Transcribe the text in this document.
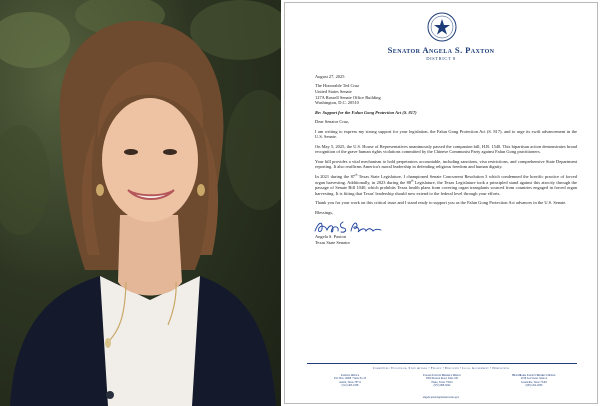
Senator Angela S. Paxton
DISTRICT 8

August 27, 2025

The Honorable Ted Cruz

United States Senate

127A Russell Senate Office Building

Washington, D.C. 20510

Re: Support for the Falun Gong Protection Act (S. 817)

Dear Senator Cruz,

I am writing to express my strong support for your legislation, the Falun Gong Protection Act (S. 817), and to urge its swift advancement in the U.S. Senate.

On May 5, 2025, the U.S. House of Representatives unanimously passed the companion bill, H.R. 1540. This bipartisan action demonstrates broad recognition of the grave human rights violations committed by the Chinese Communist Party against Falun Gong practitioners.

Your bill provides a vital mechanism to hold perpetrators accountable, including sanctions, visa restrictions, and comprehensive State Department reporting. It also reaffirms America's moral leadership in defending religious freedom and human dignity.

In 2021 during the 87th Texas State Legislature, I championed Senate Concurrent Resolution 3 which condemned the horrific practice of forced organ harvesting. Additionally, in 2023 during the 88th Legislature, the Texas Legislature took a principled stand against this atrocity through the passage of Senate Bill 1040, which prohibits Texas health plans from covering organ transplants sourced from countries engaged in forced organ harvesting. It is fitting that Texas' leadership should now extend to the federal level through your efforts.

Thank you for your work on this critical issue and I stand ready to support you as the Falun Gong Protection Act advances in the U.S. Senate.

Blessings,

Angela S. Paxton

Texas State Senator

Committees: Vice-Chair, State Affairs • Finance • Education • Local Government • Nominations
Capitol Office
P.O. Box 12068 • Suite E1.18
Austin, Texas 78711
(512) 463-0108
Collin County District Office
6500 Preston Road, Suite 100
Plano, Texas 75024
(972) 908-5624
Hunt/Rains County District Office
2918 Lee Street, Suite A
Greenville, Texas 75401
(903) 454-2000
angela.paxton@senate.texas.gov
